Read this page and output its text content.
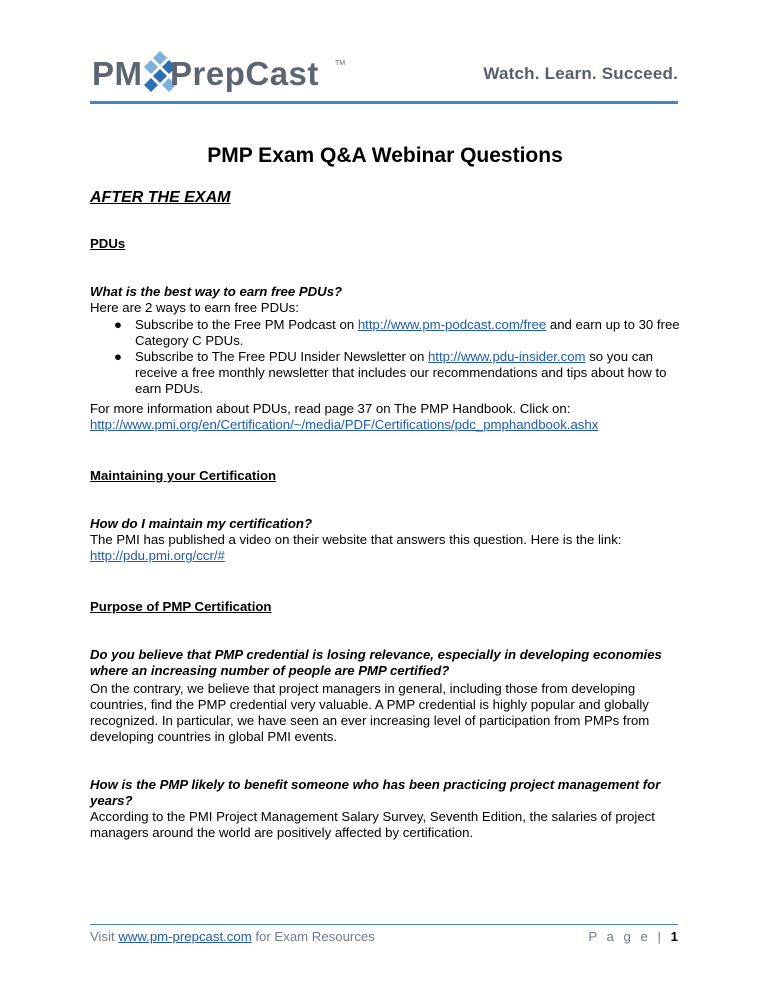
PM PrepCast TM
Watch. Learn. Succeed.
PMP Exam Q&A Webinar Questions
AFTER THE EXAM
PDUs

What is the best way to earn free PDUs?

Here are 2 ways to earn free PDUs:

● Subscribe to the Free PM Podcast on http://www.pm-podcast.com/free and earn up to 30 free Category C PDUs.
● Subscribe to The Free PDU Insider Newsletter on http://www.pdu-insider.com so you can receive a free monthly newsletter that includes our recommendations and tips about how to earn PDUs.

For more information about PDUs, read page 37 on The PMP Handbook. Click on:

http://www.pmi.org/en/Certification/~/media/PDF/Certifications/pdc_pmphandbook.ashx

Maintaining your Certification

How do I maintain my certification?

The PMI has published a video on their website that answers this question. Here is the link:

http://pdu.pmi.org/ccr/#

Purpose of PMP Certification

Do you believe that PMP credential is losing relevance, especially in developing economies where an increasing number of people are PMP certified?

On the contrary, we believe that project managers in general, including those from developing countries, find the PMP credential very valuable. A PMP credential is highly popular and globally recognized. In particular, we have seen an ever increasing level of participation from PMPs from developing countries in global PMI events.

How is the PMP likely to benefit someone who has been practicing project management for years?

According to the PMI Project Management Salary Survey, Seventh Edition, the salaries of project managers around the world are positively affected by certification.

Visit www.pm-prepcast.com for Exam Resources	P a g e | 1
